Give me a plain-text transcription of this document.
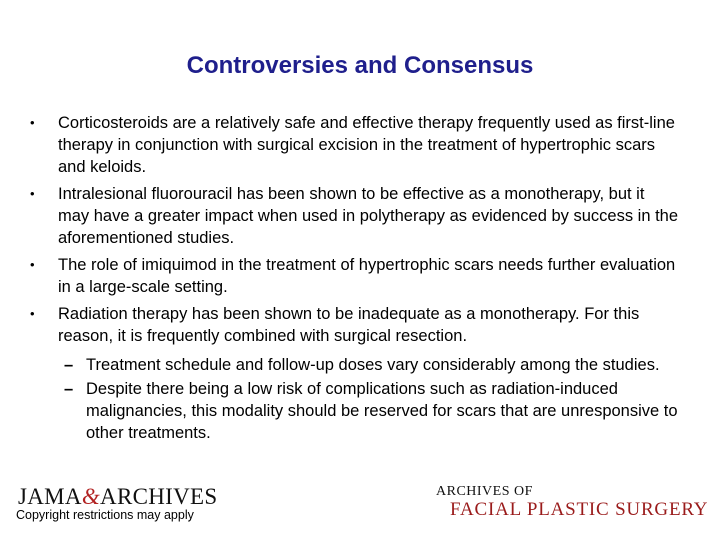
Controversies and Consensus
• Corticosteroids are a relatively safe and effective therapy frequently used as first-line therapy in conjunction with surgical excision in the treatment of hypertrophic scars and keloids.
• Intralesional fluorouracil has been shown to be effective as a monotherapy, but it may have a greater impact when used in polytherapy as evidenced by success in the aforementioned studies.
• The role of imiquimod in the treatment of hypertrophic scars needs further evaluation in a large-scale setting.
• Radiation therapy has been shown to be inadequate as a monotherapy. For this reason, it is frequently combined with surgical resection.
– Treatment schedule and follow-up doses vary considerably among the studies.
– Despite there being a low risk of complications such as radiation-induced malignancies, this modality should be reserved for scars that are unresponsive to other treatments.
JAMA&ARCHIVES
Copyright restrictions may apply
ARCHIVES OF
FACIAL PLASTIC SURGERY
